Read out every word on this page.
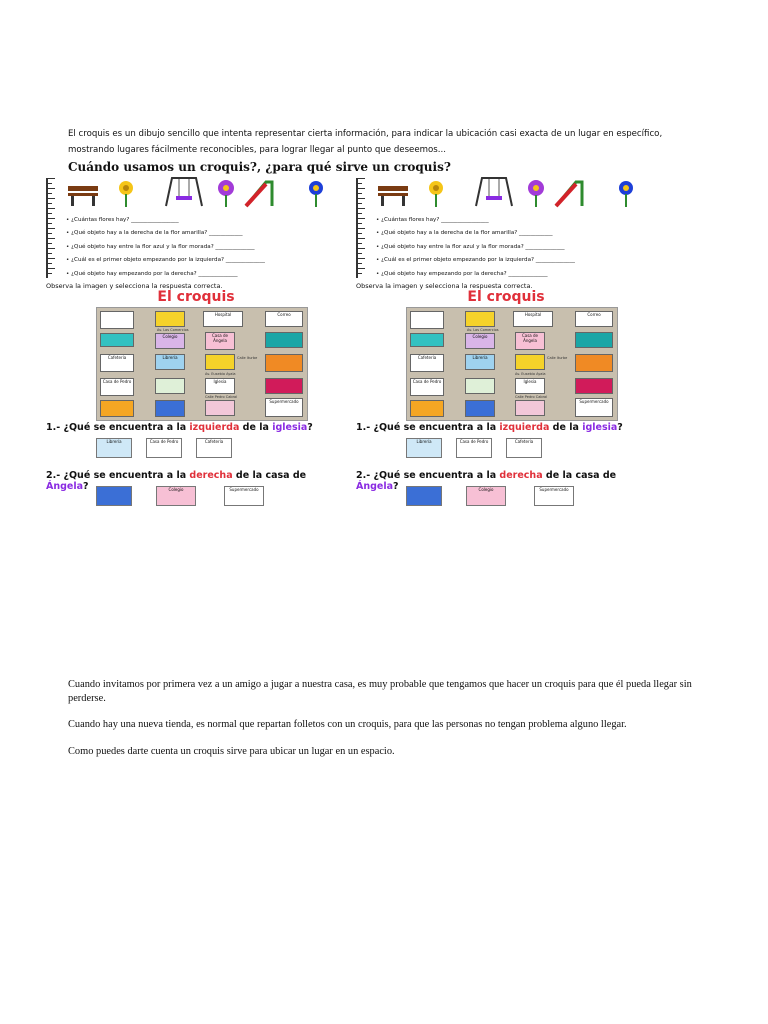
El croquis es un dibujo sencillo que intenta representar cierta información, para indicar la ubicación casi exacta de un lugar en específico,
mostrando lugares fácilmente reconocibles, para lograr llegar al punto que deseemos...
Cuándo usamos un croquis?, ¿para qué sirve un croquis?
• ¿Cuántas flores hay? _________________
• ¿Qué objeto hay a la derecha de la flor amarilla? ____________
• ¿Qué objeto hay entre la flor azul y la flor morada? ______________
• ¿Cuál es el primer objeto empezando por la izquierda? ______________
• ¿Qué objeto hay empezando por la derecha? ______________
Observa la imagen y selecciona la respuesta correcta.
El croquis
Hospital	Correo
Av. Los Comercios
Colegio	Casa de Ángela
Cafetería	Librería	Calle Iturbe
Av. Eusebio Ayala
Casa de Pedro	Iglesia
Calle Pedro Cabral
Supermercado
1.- ¿Qué se encuentra a la izquierda de la iglesia?
Librería	Casa de Pedro	Cafetería
2.- ¿Qué se encuentra a la derecha de la casa de Ángela?	Colegio	Supermercado
• ¿Cuántas flores hay? _________________
• ¿Qué objeto hay a la derecha de la flor amarilla? ____________
• ¿Qué objeto hay entre la flor azul y la flor morada? ______________
• ¿Cuál es el primer objeto empezando por la izquierda? ______________
• ¿Qué objeto hay empezando por la derecha? ______________
Observa la imagen y selecciona la respuesta correcta.
El croquis
Hospital	Correo
Av. Los Comercios
Colegio	Casa de Ángela
Cafetería	Librería	Calle Iturbe
Av. Eusebio Ayala
Casa de Pedro	Iglesia
Calle Pedro Cabral
Supermercado
1.- ¿Qué se encuentra a la izquierda de la iglesia?
Librería	Casa de Pedro	Cafetería
2.- ¿Qué se encuentra a la derecha de la casa de Ángela?	Colegio	Supermercado
Cuando invitamos por primera vez a un amigo a jugar a nuestra casa, es muy probable que tengamos que hacer un croquis para que él pueda llegar sin perderse.
Cuando hay una nueva tienda, es normal que repartan folletos con un croquis, para que las personas no tengan problema alguno llegar.
Como puedes darte cuenta un croquis sirve para ubicar un lugar en un espacio.
